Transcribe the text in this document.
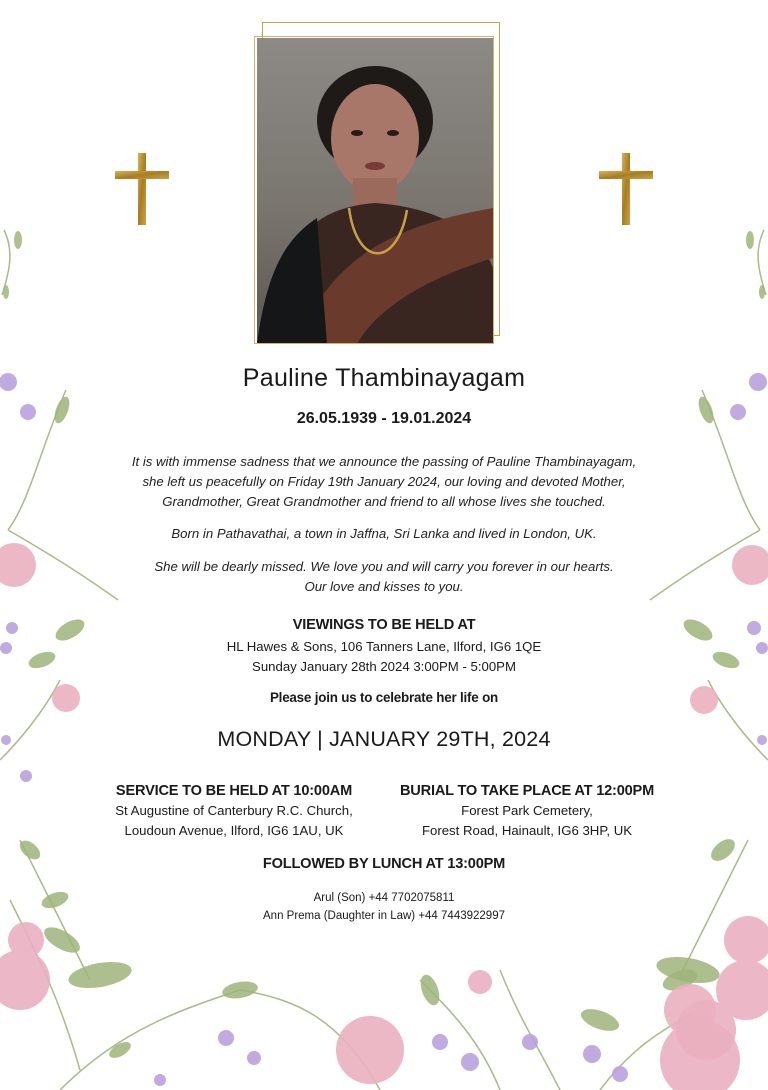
Pauline Thambinayagam
26.05.1939 - 19.01.2024
It is with immense sadness that we announce the passing of Pauline Thambinayagam,
she left us peacefully on Friday 19th January 2024, our loving and devoted Mother,
Grandmother, Great Grandmother and friend to all whose lives she touched.
Born in Pathavathai, a town in Jaffna, Sri Lanka and lived in London, UK.
She will be dearly missed. We love you and will carry you forever in our hearts.
Our love and kisses to you.
VIEWINGS TO BE HELD AT
HL Hawes & Sons, 106 Tanners Lane, Ilford, IG6 1QE
Sunday January 28th 2024 3:00PM - 5:00PM
Please join us to celebrate her life on
MONDAY | JANUARY 29TH, 2024
SERVICE TO BE HELD AT 10:00AM
St Augustine of Canterbury R.C. Church,
Loudoun Avenue, Ilford, IG6 1AU, UK
BURIAL TO TAKE PLACE AT 12:00PM
Forest Park Cemetery,
Forest Road, Hainault, IG6 3HP, UK
FOLLOWED BY LUNCH AT 13:00PM
Arul (Son) +44 7702075811
Ann Prema (Daughter in Law) +44 7443922997
